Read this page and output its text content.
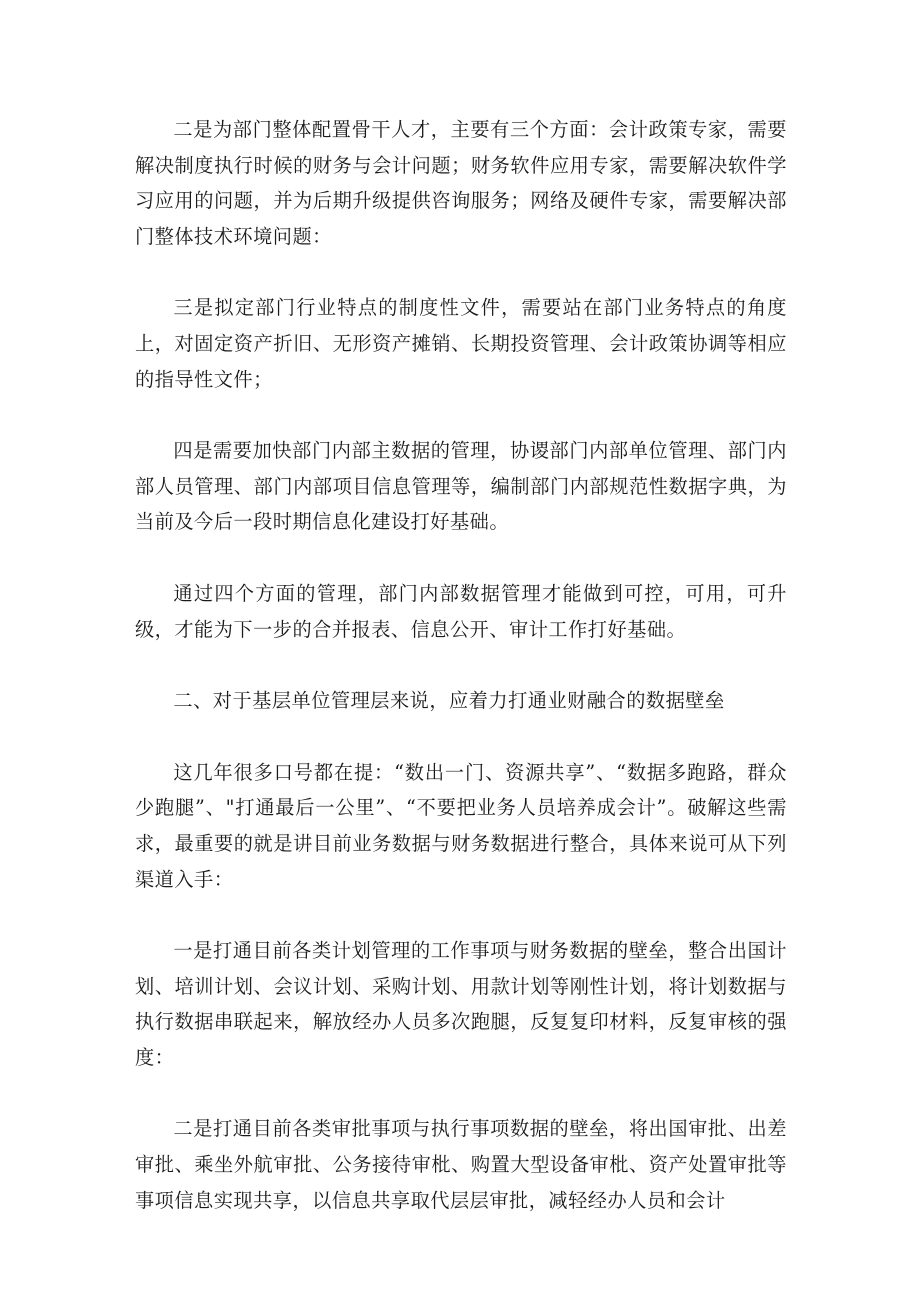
二是为部门整体配置骨干人才，主要有三个方面：会计政策专家，需要解决制度执行时候的财务与会计问题；财务软件应用专家，需要解决软件学习应用的问题，并为后期升级提供咨询服务；网络及硬件专家，需要解决部门整体技术环境问题：

三是拟定部门行业特点的制度性文件，需要站在部门业务特点的角度上，对固定资产折旧、无形资产摊销、长期投资管理、会计政策协调等相应的指导性文件；

四是需要加快部门内部主数据的管理，协谡部门内部单位管理、部门内部人员管理、部门内部项目信息管理等，编制部门内部规范性数据字典，为当前及今后一段时期信息化建设打好基础。

通过四个方面的管理，部门内部数据管理才能做到可控，可用，可升级，才能为下一步的合并报表、信息公开、审计工作打好基础。

二、对于基层单位管理层来说，应着力打通业财融合的数据壁垒

这几年很多口号都在提：“数出一门、资源共享”、“数据多跑路，群众少跑腿”、"打通最后一公里”、“不要把业务人员培养成会计”。破解这些需求，最重要的就是讲目前业务数据与财务数据进行整合，具体来说可从下列渠道入手：

一是打通目前各类计划管理的工作事项与财务数据的壁垒，整合出国计划、培训计划、会议计划、采购计划、用款计划等刚性计划，将计划数据与执行数据串联起来，解放经办人员多次跑腿，反复复印材料，反复审核的强度：

二是打通目前各类审批事项与执行事项数据的壁垒，将出国审批、出差审批、乘坐外航审批、公务接待审枇、购置大型设备审枇、资产处置审批等事项信息实现共享，以信息共享取代层层审批，减轻经办人员和会计
